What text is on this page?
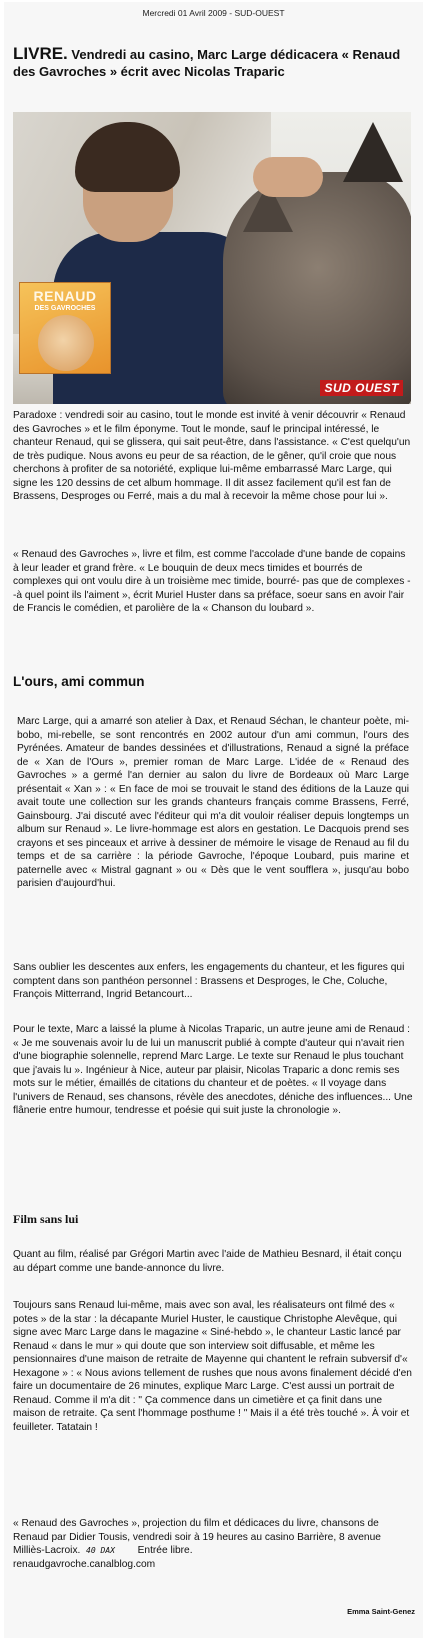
Mercredi 01 Avril 2009 - SUD-OUEST
LIVRE. Vendredi au casino, Marc Large dédicacera « Renaud des Gavroches » écrit avec Nicolas Traparic
RENAUD
DES GAVROCHES
SUD OUEST
Paradoxe : vendredi soir au casino, tout le monde est invité à venir découvrir « Renaud des Gavroches » et le film éponyme. Tout le monde, sauf le principal intéressé, le chanteur Renaud, qui se glissera, qui sait peut-être, dans l'assistance. « C'est quelqu'un de très pudique. Nous avons eu peur de sa réaction, de le gêner, qu'il croie que nous cherchons à profiter de sa notoriété, explique lui-même embarrassé Marc Large, qui signe les 120 dessins de cet album hommage. Il dit assez facilement qu'il est fan de Brassens, Desproges ou Ferré, mais a du mal à recevoir la même chose pour lui ».
« Renaud des Gavroches », livre et film, est comme l'accolade d'une bande de copains à leur leader et grand frère. « Le bouquin de deux mecs timides et bourrés de complexes qui ont voulu dire à un troisième mec timide, bourré- pas que de complexes --à quel point ils l'aiment », écrit Muriel Huster dans sa préface, soeur sans en avoir l'air de Francis le comédien, et parolière de la « Chanson du loubard ».
L'ours, ami commun
Marc Large, qui a amarré son atelier à Dax, et Renaud Séchan, le chanteur poète, mi-bobo, mi-rebelle, se sont rencontrés en 2002 autour d'un ami commun, l'ours des Pyrénées. Amateur de bandes dessinées et d'illustrations, Renaud a signé la préface de « Xan de l'Ours », premier roman de Marc Large. L'idée de « Renaud des Gavroches » a germé l'an dernier au salon du livre de Bordeaux où Marc Large présentait « Xan » : « En face de moi se trouvait le stand des éditions de la Lauze qui avait toute une collection sur les grands chanteurs français comme Brassens, Ferré, Gainsbourg. J'ai discuté avec l'éditeur qui m'a dit vouloir réaliser depuis longtemps un album sur Renaud ». Le livre-hommage est alors en gestation. Le Dacquois prend ses crayons et ses pinceaux et arrive à dessiner de mémoire le visage de Renaud au fil du temps et de sa carrière : la période Gavroche, l'époque Loubard, puis marine et paternelle avec « Mistral gagnant » ou « Dès que le vent soufflera », jusqu'au bobo parisien d'aujourd'hui.
Sans oublier les descentes aux enfers, les engagements du chanteur, et les figures qui comptent dans son panthéon personnel : Brassens et Desproges, le Che, Coluche, François Mitterrand, Ingrid Betancourt...
Pour le texte, Marc a laissé la plume à Nicolas Traparic, un autre jeune ami de Renaud : « Je me souvenais avoir lu de lui un manuscrit publié à compte d'auteur qui n'avait rien d'une biographie solennelle, reprend Marc Large. Le texte sur Renaud le plus touchant que j'avais lu ». Ingénieur à Nice, auteur par plaisir, Nicolas Traparic a donc remis ses mots sur le métier, émaillés de citations du chanteur et de poètes. « Il voyage dans l'univers de Renaud, ses chansons, révèle des anecdotes, déniche des influences... Une flânerie entre humour, tendresse et poésie qui suit juste la chronologie ».
Film sans lui
Quant au film, réalisé par Grégori Martin avec l'aide de Mathieu Besnard, il était conçu au départ comme une bande-annonce du livre.
Toujours sans Renaud lui-même, mais avec son aval, les réalisateurs ont filmé des « potes » de la star : la décapante Muriel Huster, le caustique Christophe Alevêque, qui signe avec Marc Large dans le magazine « Siné-hebdo », le chanteur Lastic lancé par Renaud « dans le mur » qui doute que son interview soit diffusable, et même les pensionnaires d'une maison de retraite de Mayenne qui chantent le refrain subversif d'« Hexagone » : « Nous avions tellement de rushes que nous avons finalement décidé d'en faire un documentaire de 26 minutes, explique Marc Large. C'est aussi un portrait de Renaud. Comme il m'a dit : " Ça commence dans un cimetière et ça finit dans une maison de retraite. Ça sent l'hommage posthume ! " Mais il a été très touché ». À voir et feuilleter. Tatatain !
« Renaud des Gavroches », projection du film et dédicaces du livre, chansons de Renaud par Didier Tousis, vendredi soir à 19 heures au casino Barrière, 8 avenue Milliès-Lacroix. 40 DAX Entrée libre.
renaudgavroche.canalblog.com
Emma Saint-Genez
